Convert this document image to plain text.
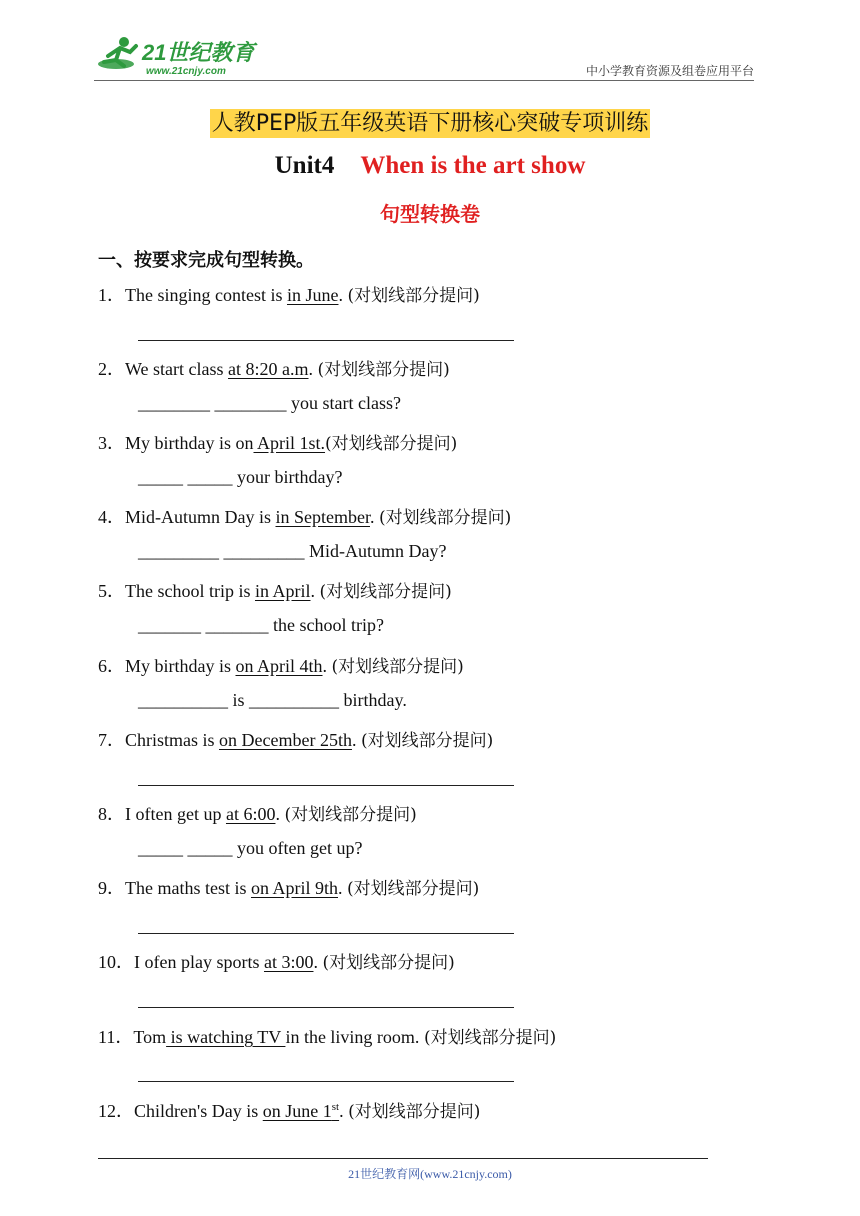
21世纪教育
www.21cnjy.com	中小学教育资源及组卷应用平台
人教PEP版五年级英语下册核心突破专项训练
Unit4 When is the art show
句型转换卷
一、按要求完成句型转换。
1．The singing contest is in June. (对划线部分提问)
2．We start class at 8:20 a.m. (对划线部分提问)
________ ________ you start class?
3．My birthday is on April 1st.(对划线部分提问)
_____ _____ your birthday?
4．Mid-Autumn Day is in September. (对划线部分提问)
_________ _________ Mid-Autumn Day?
5．The school trip is in April. (对划线部分提问)
_______ _______ the school trip?
6．My birthday is on April 4th. (对划线部分提问)
__________ is __________ birthday.
7．Christmas is on December 25th. (对划线部分提问)
8．I often get up at 6:00. (对划线部分提问)
_____ _____ you often get up?
9．The maths test is on April 9th. (对划线部分提问)
10．I ofen play sports at 3:00. (对划线部分提问)
11．Tom is watching TV in the living room. (对划线部分提问)
12．Children's Day is on June 1st. (对划线部分提问)
21世纪教育网(www.21cnjy.com)
